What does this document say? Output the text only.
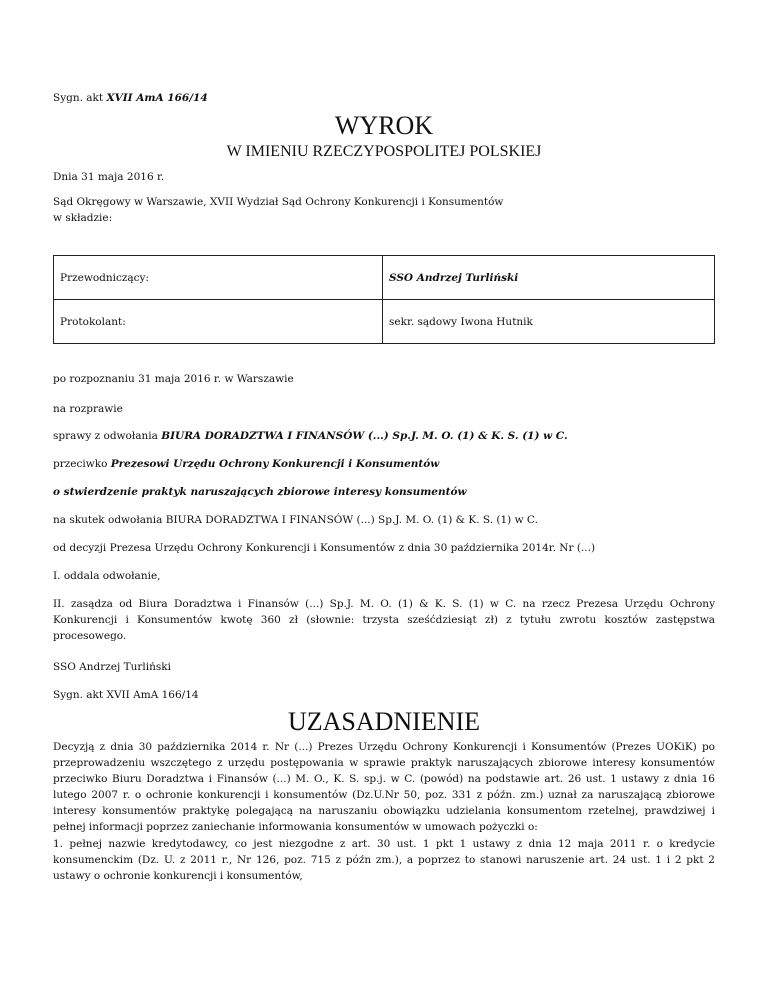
Sygn. akt XVII AmA 166/14

WYROK
W IMIENIU RZECZYPOSPOLITEJ POLSKIEJ

Dnia 31 maja 2016 r.

Sąd Okręgowy w Warszawie, XVII Wydział Sąd Ochrony Konkurencji i Konsumentów
w składzie:

Przewodniczący:	SSO Andrzej Turliński
Protokolant:	sekr. sądowy Iwona Hutnik

po rozpoznaniu 31 maja 2016 r. w Warszawie

na rozprawie

sprawy z odwołania BIURA DORADZTWA I FINANSÓW (...) Sp.J. M. O. (1) & K. S. (1) w C.

przeciwko Prezesowi Urzędu Ochrony Konkurencji i Konsumentów

o stwierdzenie praktyk naruszających zbiorowe interesy konsumentów

na skutek odwołania BIURA DORADZTWA I FINANSÓW (...) Sp.J. M. O. (1) & K. S. (1) w C.

od decyzji Prezesa Urzędu Ochrony Konkurencji i Konsumentów z dnia 30 października 2014r. Nr (...)

I. oddala odwołanie,

II. zasądza od Biura Doradztwa i Finansów (...) Sp.J. M. O. (1) & K. S. (1) w C. na rzecz Prezesa Urzędu Ochrony Konkurencji i Konsumentów kwotę 360 zł (słownie: trzysta sześćdziesiąt zł) z tytułu zwrotu kosztów zastępstwa procesowego.

SSO Andrzej Turliński

Sygn. akt XVII AmA 166/14

UZASADNIENIE

Decyzją z dnia 30 października 2014 r. Nr (...) Prezes Urzędu Ochrony Konkurencji i Konsumentów (Prezes UOKiK) po przeprowadzeniu wszczętego z urzędu postępowania w sprawie praktyk naruszających zbiorowe interesy konsumentów przeciwko Biuru Doradztwa i Finansów (...) M. O., K. S. sp.j. w C. (powód) na podstawie art. 26 ust. 1 ustawy z dnia 16 lutego 2007 r. o ochronie konkurencji i konsumentów (Dz.U.Nr 50, poz. 331 z późn. zm.) uznał za naruszającą zbiorowe interesy konsumentów praktykę polegającą na naruszaniu obowiązku udzielania konsumentom rzetelnej, prawdziwej i pełnej informacji poprzez zaniechanie informowania konsumentów w umowach pożyczki o:

1. pełnej nazwie kredytodawcy, co jest niezgodne z art. 30 ust. 1 pkt 1 ustawy z dnia 12 maja 2011 r. o kredycie konsumenckim (Dz. U. z 2011 r., Nr 126, poz. 715 z późn zm.), a poprzez to stanowi naruszenie art. 24 ust. 1 i 2 pkt 2 ustawy o ochronie konkurencji i konsumentów,
